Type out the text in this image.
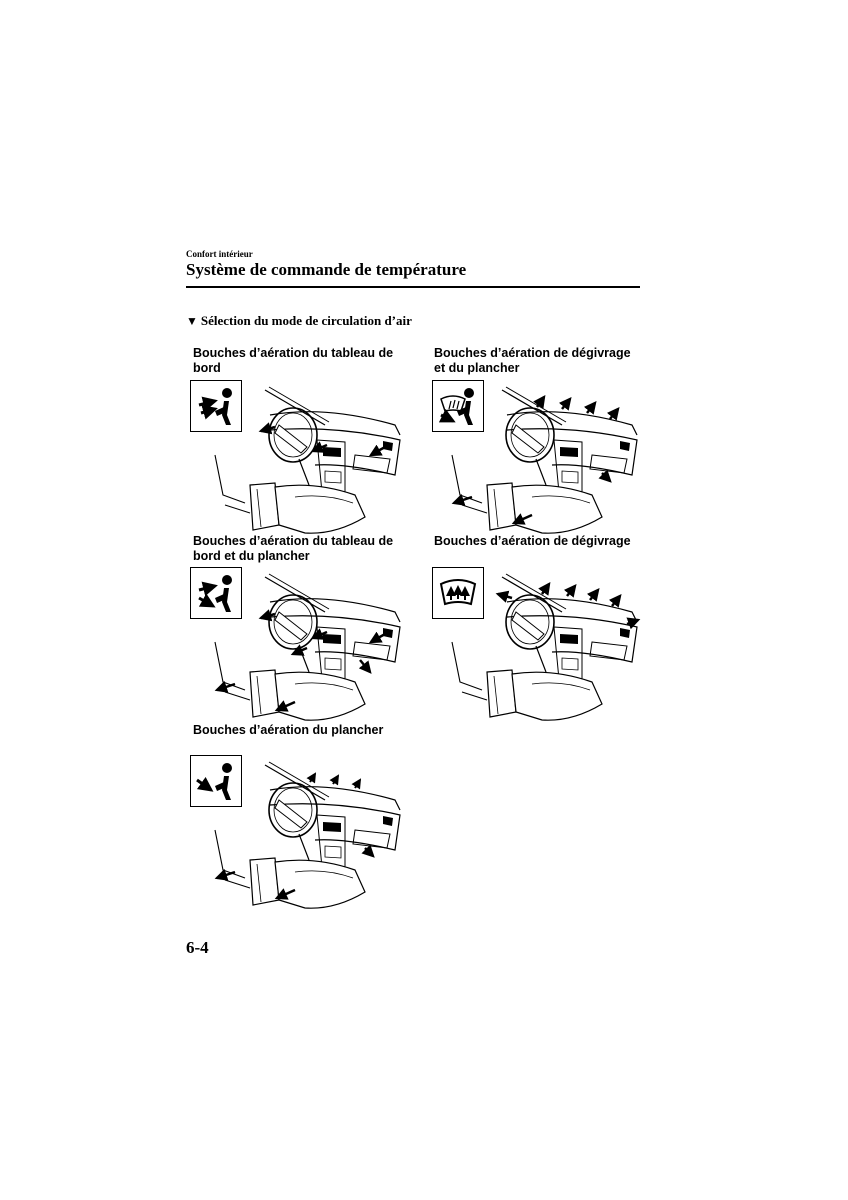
Confort intérieur
Système de commande de température
▼ Sélection du mode de circulation d’air
Bouches d’aération du tableau de
bord
Bouches d’aération de dégivrage
et du plancher
Bouches d’aération du tableau de
bord et du plancher
Bouches d’aération de dégivrage
Bouches d’aération du plancher
6-4
